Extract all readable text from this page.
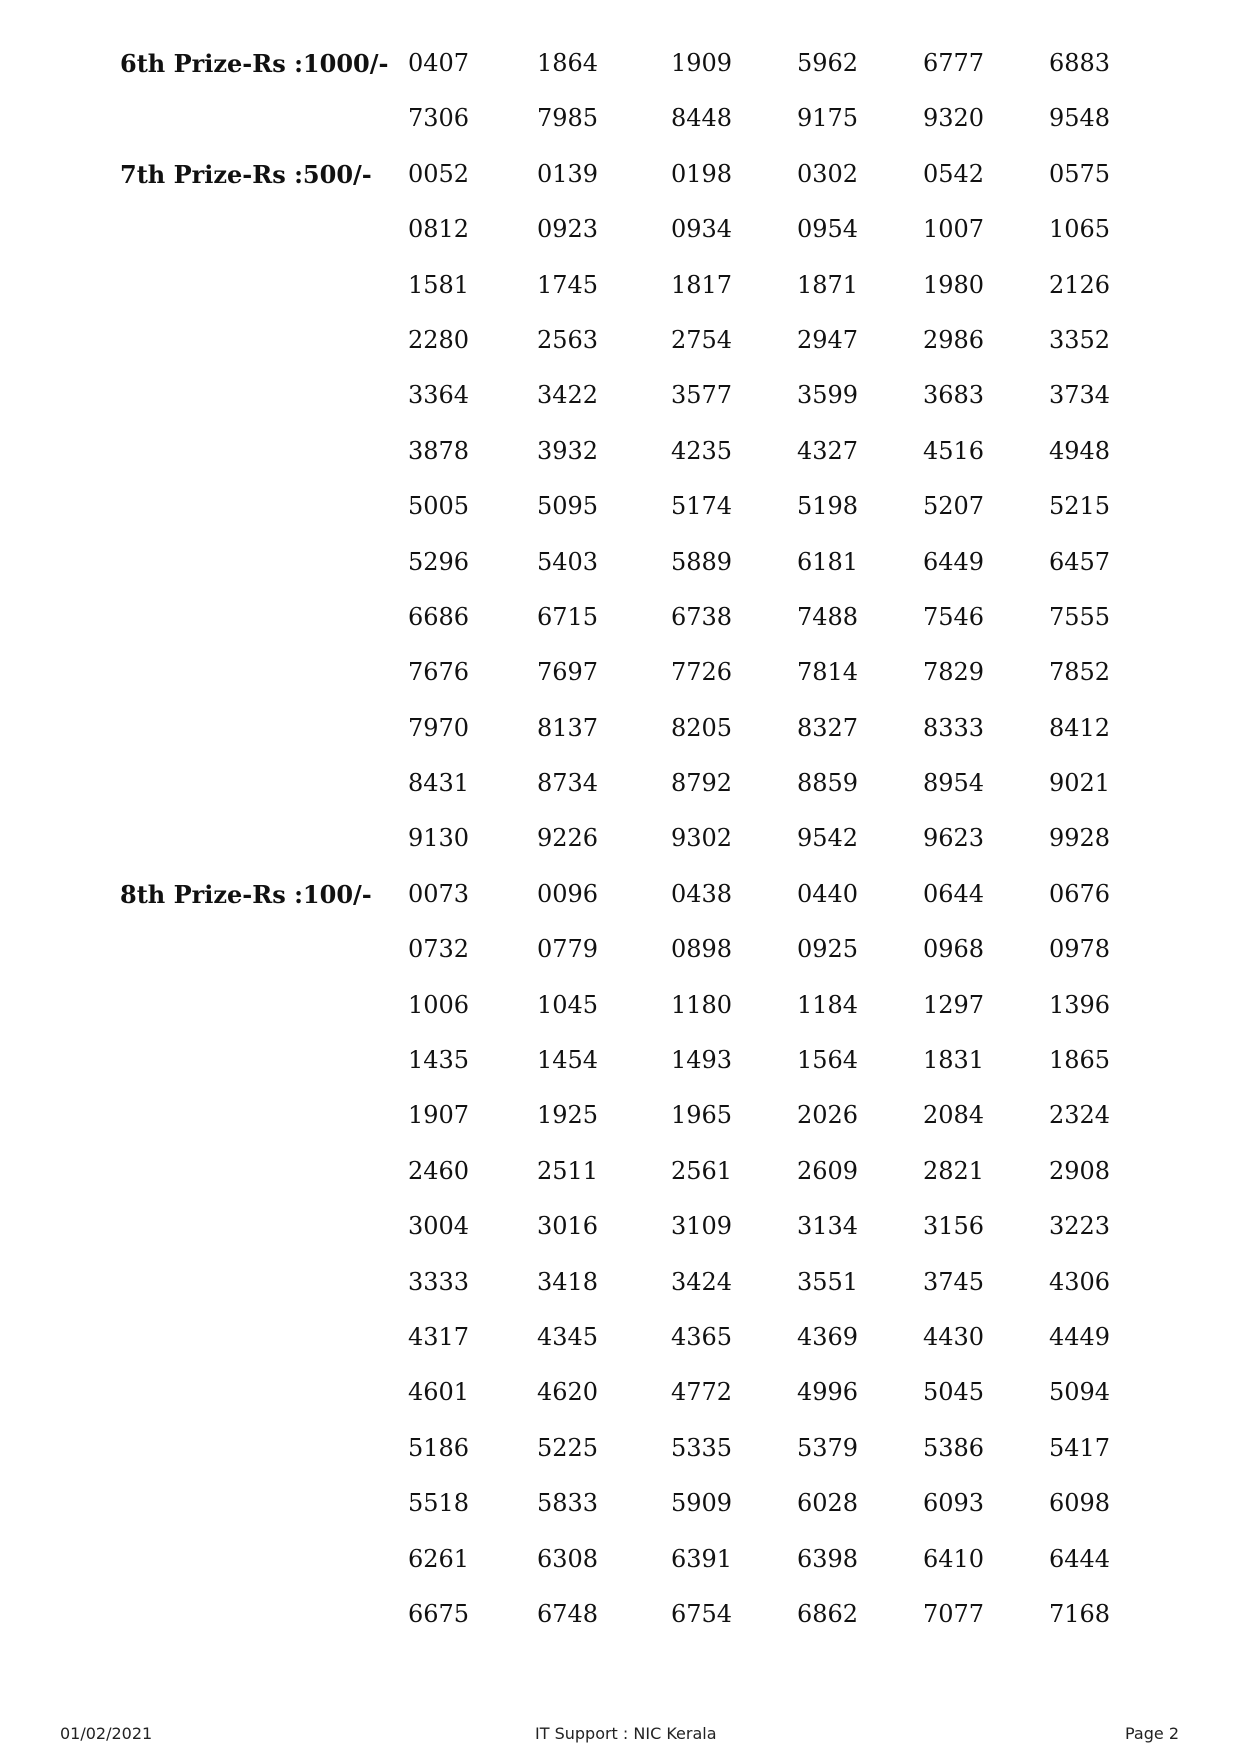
6th Prize-Rs :1000/- 0407	1864	1909	5962	6777	6883
7306	7985	8448	9175	9320	9548
7th Prize-Rs :500/- 0052	0139	0198	0302	0542	0575
0812	0923	0934	0954	1007	1065
1581	1745	1817	1871	1980	2126
2280	2563	2754	2947	2986	3352
3364	3422	3577	3599	3683	3734
3878	3932	4235	4327	4516	4948
5005	5095	5174	5198	5207	5215
5296	5403	5889	6181	6449	6457
6686	6715	6738	7488	7546	7555
7676	7697	7726	7814	7829	7852
7970	8137	8205	8327	8333	8412
8431	8734	8792	8859	8954	9021
9130	9226	9302	9542	9623	9928
8th Prize-Rs :100/- 0073	0096	0438	0440	0644	0676
0732	0779	0898	0925	0968	0978
1006	1045	1180	1184	1297	1396
1435	1454	1493	1564	1831	1865
1907	1925	1965	2026	2084	2324
2460	2511	2561	2609	2821	2908
3004	3016	3109	3134	3156	3223
3333	3418	3424	3551	3745	4306
4317	4345	4365	4369	4430	4449
4601	4620	4772	4996	5045	5094
5186	5225	5335	5379	5386	5417
5518	5833	5909	6028	6093	6098
6261	6308	6391	6398	6410	6444
6675	6748	6754	6862	7077	7168
01/02/2021	IT Support : NIC Kerala	Page 2
